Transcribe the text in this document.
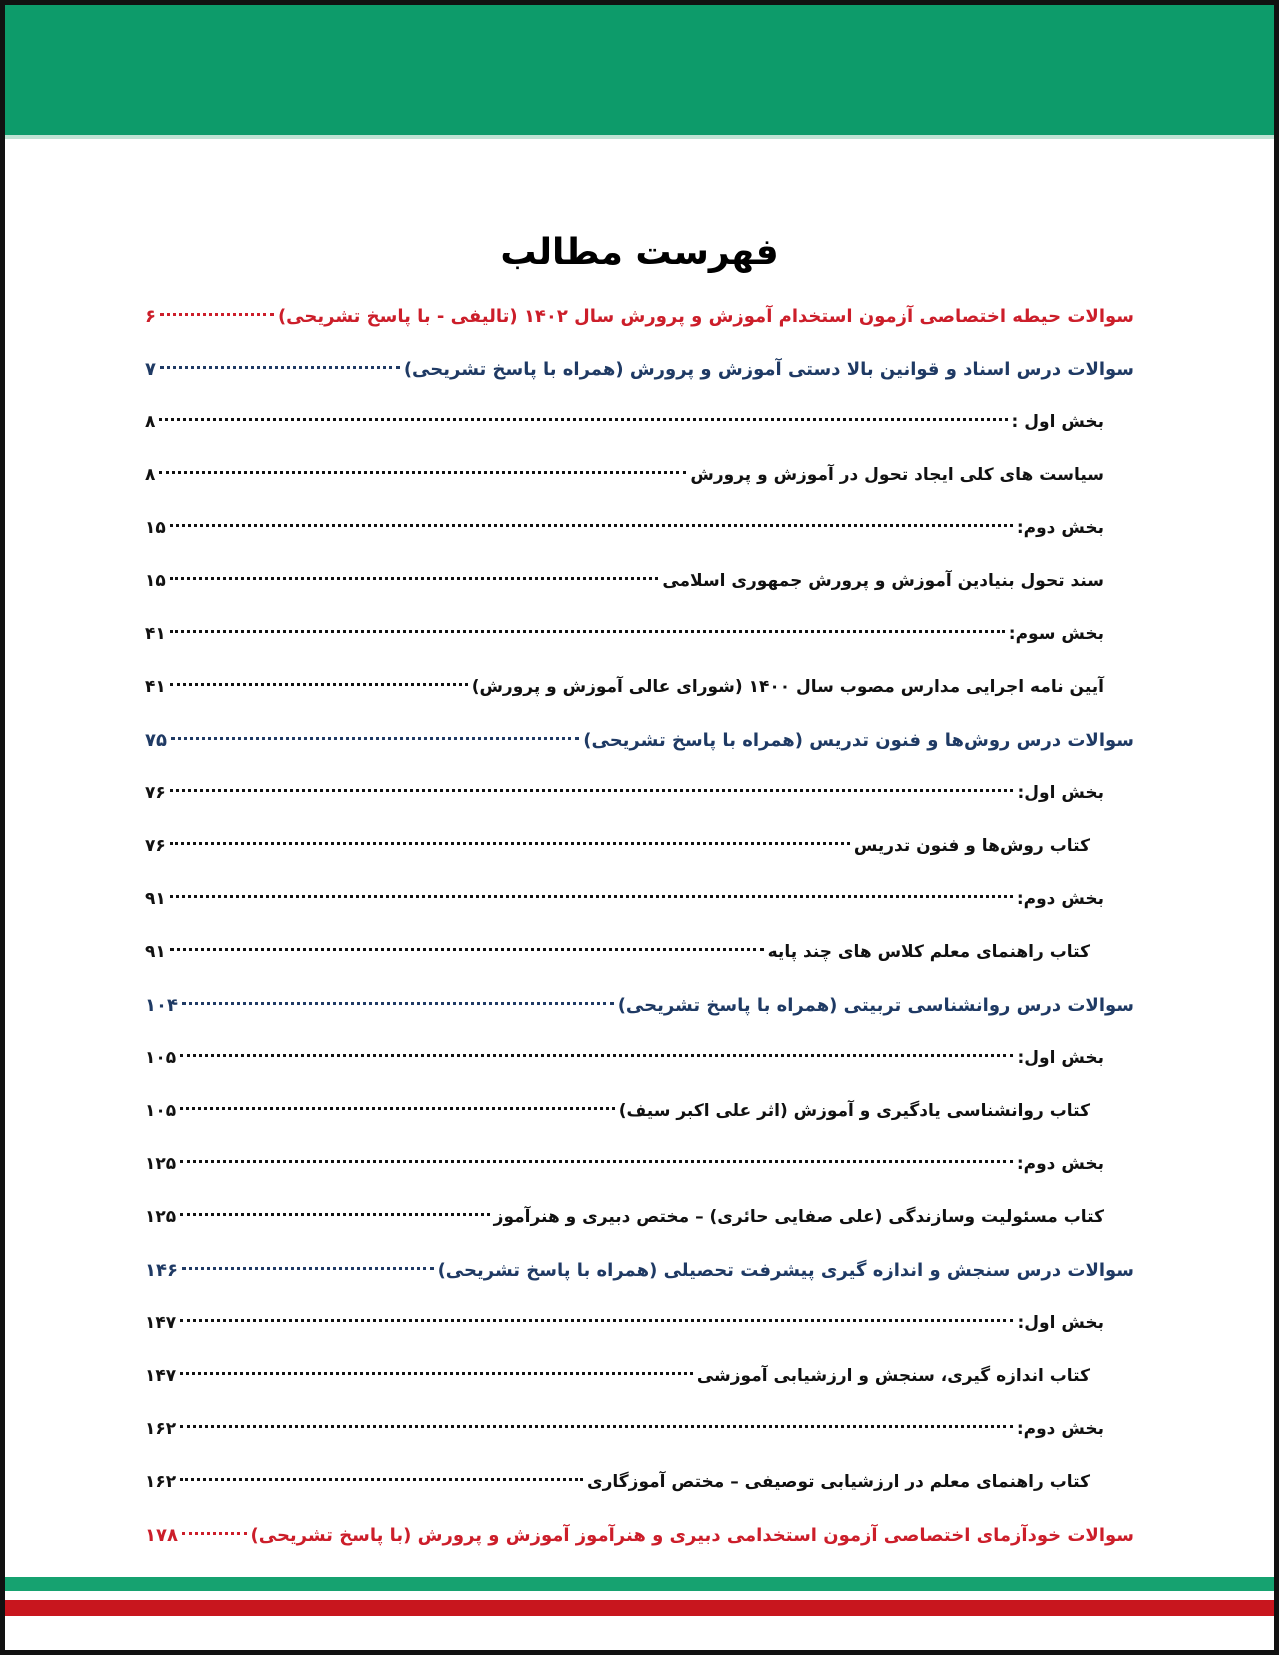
فهرست مطالب
سوالات حیطه اختصاصی آزمون استخدام آموزش و پرورش سال ۱۴۰۲ (تالیفی - با پاسخ تشریحی)
۶
سوالات درس اسناد و قوانین بالا دستی آموزش و پرورش (همراه با پاسخ تشریحی)
۷
بخش اول :
۸
سیاست های کلی ایجاد تحول در آموزش و پرورش
۸
بخش دوم:
۱۵
سند تحول بنیادین آموزش و پرورش جمهوری اسلامی
۱۵
بخش سوم:
۴۱
آیین نامه اجرایی مدارس مصوب سال ۱۴۰۰ (شورای عالی آموزش و پرورش)
۴۱
سوالات درس روش‌ها و فنون تدریس (همراه با پاسخ تشریحی)
۷۵
بخش اول:
۷۶
کتاب روش‌ها و فنون تدریس
۷۶
بخش دوم:
۹۱
کتاب راهنمای معلم کلاس های چند پایه
۹۱
سوالات درس روانشناسی تربیتی (همراه با پاسخ تشریحی)
۱۰۴
بخش اول:
۱۰۵
کتاب روانشناسی یادگیری و آموزش (اثر علی اکبر سیف)
۱۰۵
بخش دوم:
۱۲۵
کتاب مسئولیت وسازندگی (علی صفایی حائری) – مختص دبیری و هنرآموز
۱۲۵
سوالات درس سنجش و اندازه گیری پیشرفت تحصیلی (همراه با پاسخ تشریحی)
۱۴۶
بخش اول:
۱۴۷
کتاب اندازه گیری، سنجش و ارزشیابی آموزشی
۱۴۷
بخش دوم:
۱۶۲
کتاب راهنمای معلم در ارزشیابی توصیفی – مختص آموزگاری
۱۶۲
سوالات خودآزمای اختصاصی آزمون استخدامی دبیری و هنرآموز آموزش و پرورش (با پاسخ تشریحی)
۱۷۸
